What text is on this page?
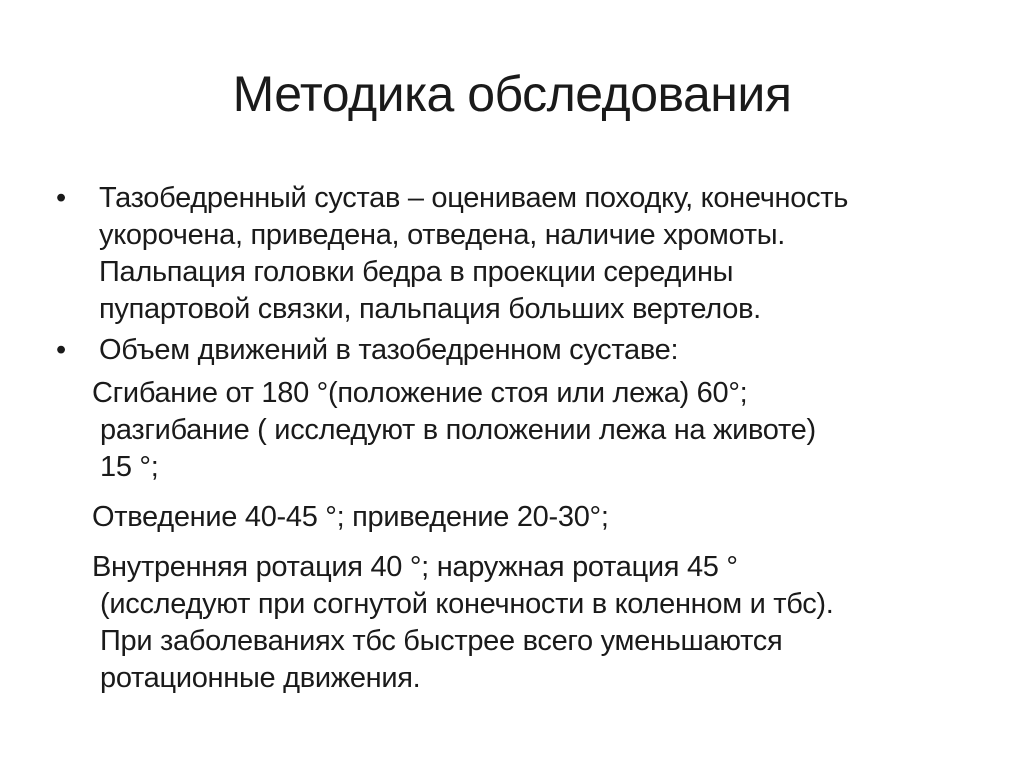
Методика обследования
•	Тазобедренный сустав – оцениваем походку, конечность
укорочена, приведена, отведена, наличие хромоты.
Пальпация головки бедра в проекции середины
пупартовой связки, пальпация больших вертелов.
•	Объем движений в тазобедренном суставе:
Сгибание от 180 °(положение стоя или лежа) 60°;
разгибание ( исследуют в положении лежа на животе)
15 °;
Отведение 40-45 °; приведение 20-30°;
Внутренняя ротация 40 °; наружная ротация 45 °
(исследуют при согнутой конечности в коленном и тбс).
При заболеваниях тбс быстрее всего уменьшаются
ротационные движения.
